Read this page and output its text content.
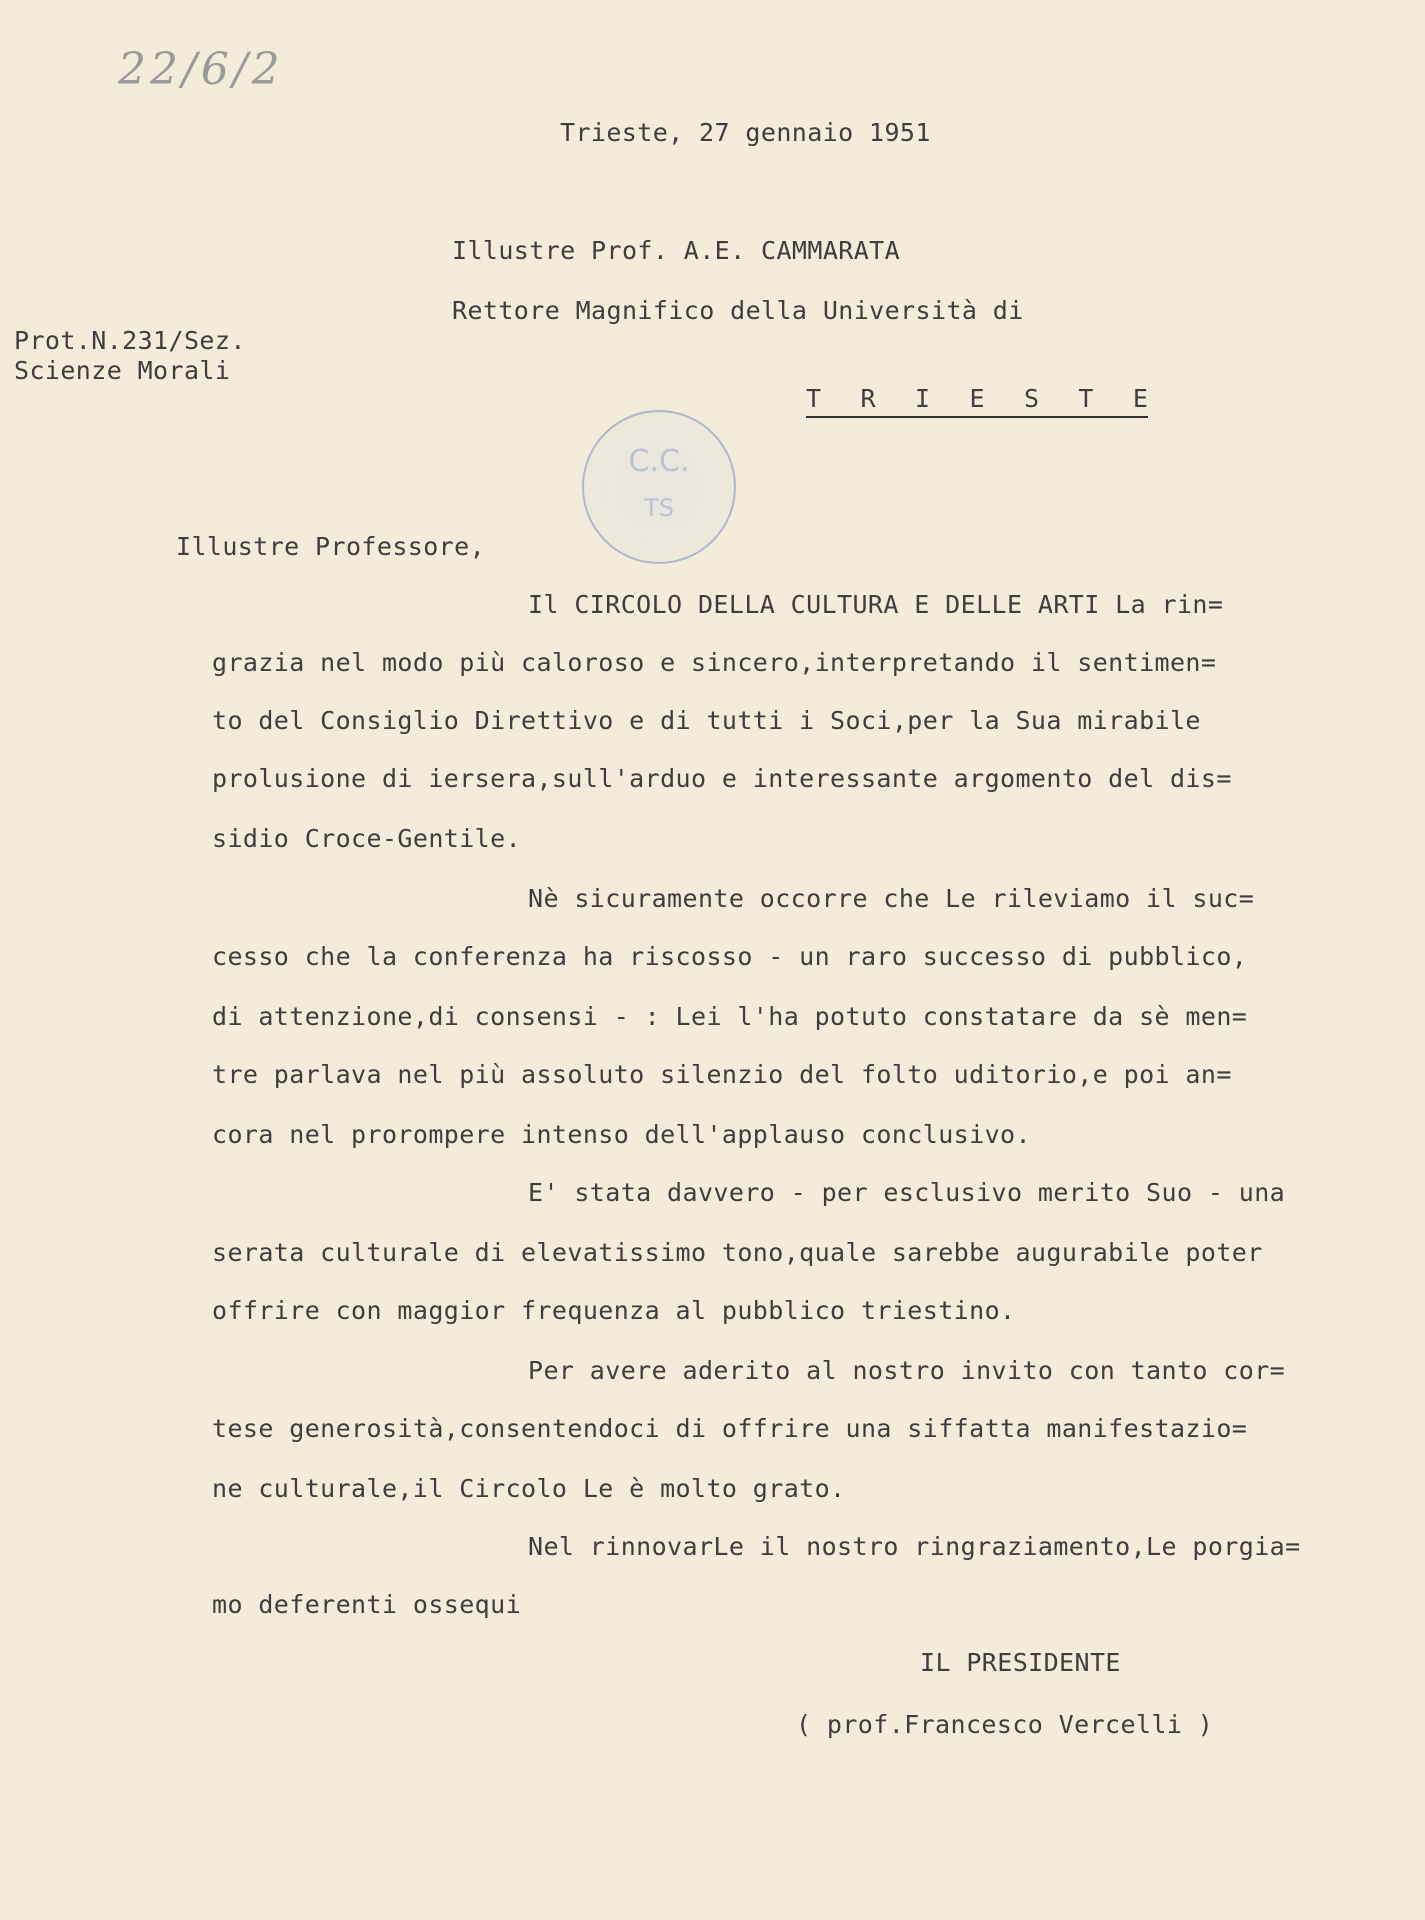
22/6/2
Trieste, 27 gennaio 1951
Illustre Prof. A.E. CAMMARATA
Rettore Magnifico della Università di
Prot.N.231/Sez.
Scienze Morali
T R I E S T E
C.C.
TS
Illustre Professore,
Il CIRCOLO DELLA CULTURA E DELLE ARTI La rin=
grazia nel modo più caloroso e sincero,interpretando il sentimen=
to del Consiglio Direttivo e di tutti i Soci,per la Sua mirabile
prolusione di iersera,sull'arduo e interessante argomento del dis=
sidio Croce-Gentile.
Nè sicuramente occorre che Le rileviamo il suc=
cesso che la conferenza ha riscosso - un raro successo di pubblico,
di attenzione,di consensi - : Lei l'ha potuto constatare da sè men=
tre parlava nel più assoluto silenzio del folto uditorio,e poi an=
cora nel prorompere intenso dell'applauso conclusivo.
E' stata davvero - per esclusivo merito Suo - una
serata culturale di elevatissimo tono,quale sarebbe augurabile poter
offrire con maggior frequenza al pubblico triestino.
Per avere aderito al nostro invito con tanto cor=
tese generosità,consentendoci di offrire una siffatta manifestazio=
ne culturale,il Circolo Le è molto grato.
Nel rinnovarLe il nostro ringraziamento,Le porgia=
mo deferenti ossequi
IL PRESIDENTE
( prof.Francesco Vercelli )
